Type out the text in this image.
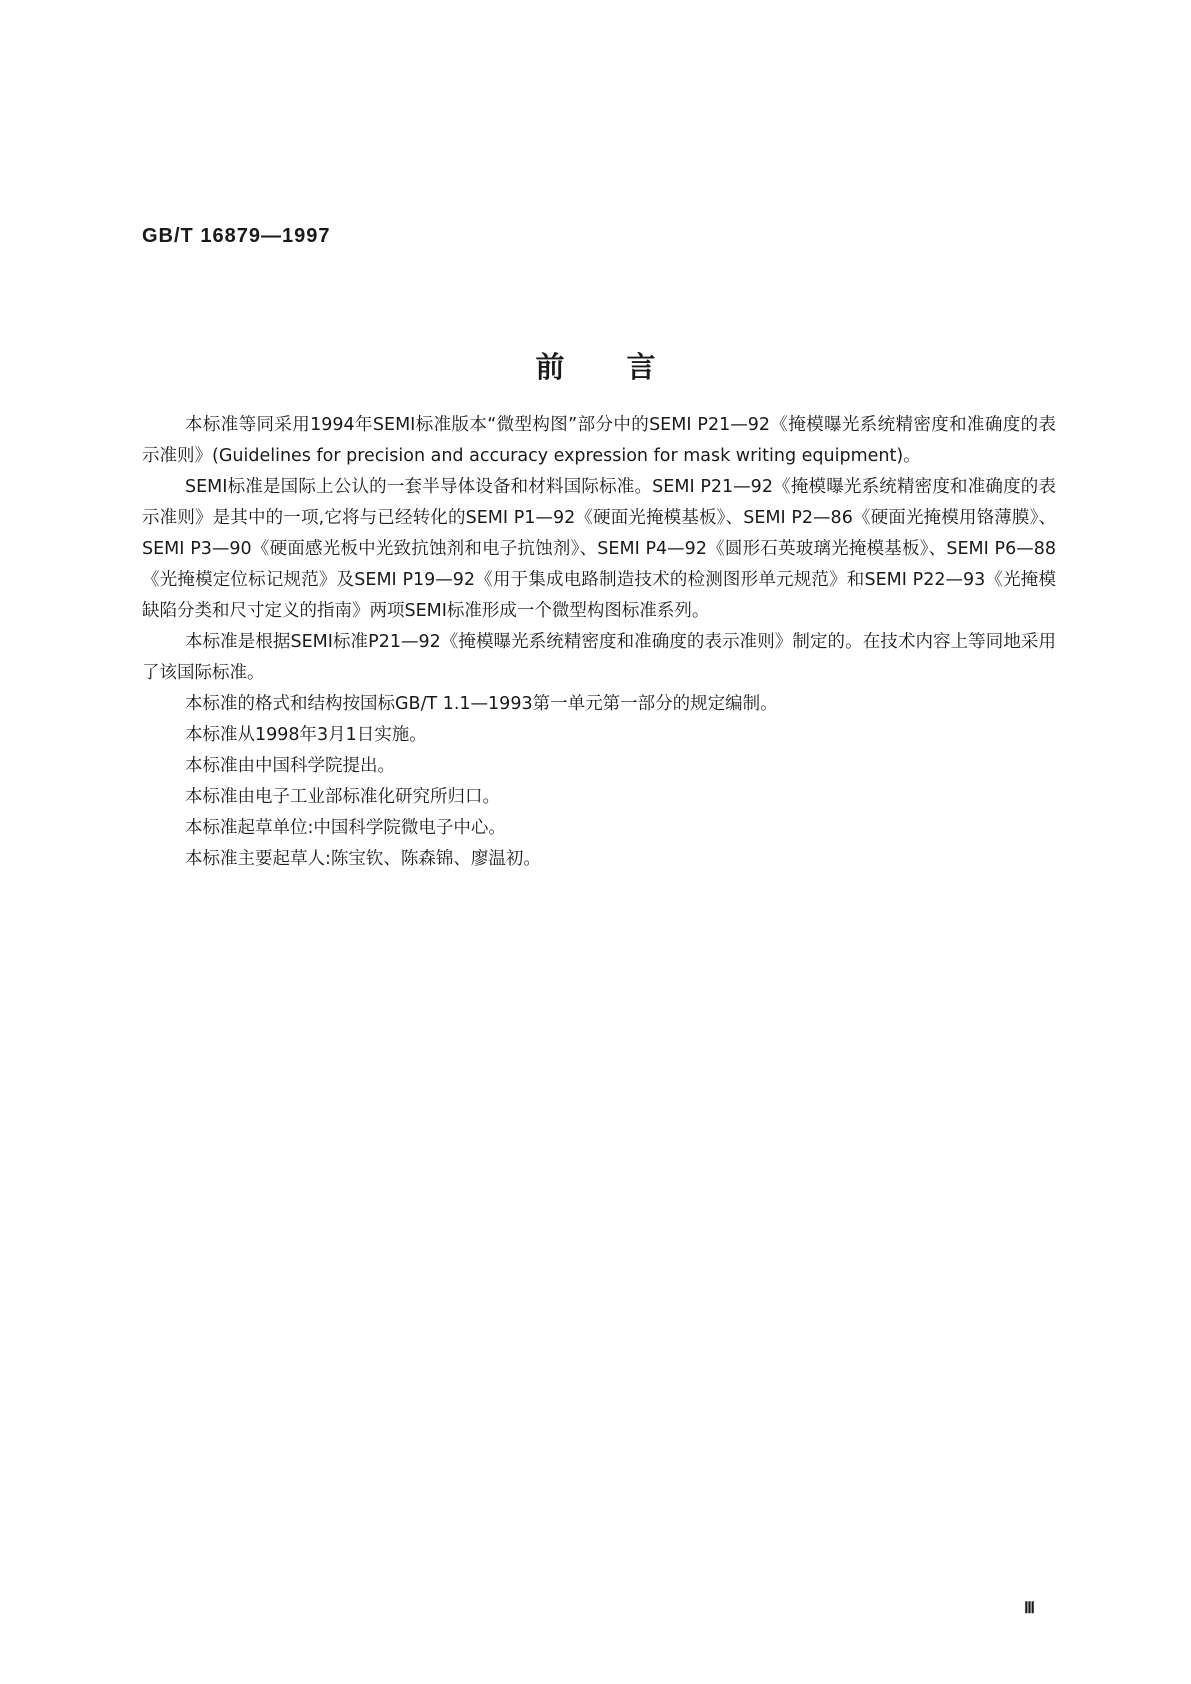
GB/T 16879—1997
前言

本标准等同采用1994年SEMI标准版本“微型构图”部分中的SEMI P21—92《掩模曝光系统精密度和准确度的表示准则》(Guidelines for precision and accuracy expression for mask writing equipment)。

SEMI标准是国际上公认的一套半导体设备和材料国际标准。SEMI P21—92《掩模曝光系统精密度和准确度的表示准则》是其中的一项,它将与已经转化的SEMI P1—92《硬面光掩模基板》、SEMI P2—86《硬面光掩模用铬薄膜》、SEMI P3—90《硬面感光板中光致抗蚀剂和电子抗蚀剂》、SEMI P4—92《圆形石英玻璃光掩模基板》、SEMI P6—88《光掩模定位标记规范》及SEMI P19—92《用于集成电路制造技术的检测图形单元规范》和SEMI P22—93《光掩模缺陷分类和尺寸定义的指南》两项SEMI标准形成一个微型构图标准系列。

本标准是根据SEMI标准P21—92《掩模曝光系统精密度和准确度的表示准则》制定的。在技术内容上等同地采用了该国际标准。

本标准的格式和结构按国标GB/T 1.1—1993第一单元第一部分的规定编制。

本标准从1998年3月1日实施。

本标准由中国科学院提出。

本标准由电子工业部标准化研究所归口。

本标准起草单位:中国科学院微电子中心。

本标准主要起草人:陈宝钦、陈森锦、廖温初。

Ⅲ
